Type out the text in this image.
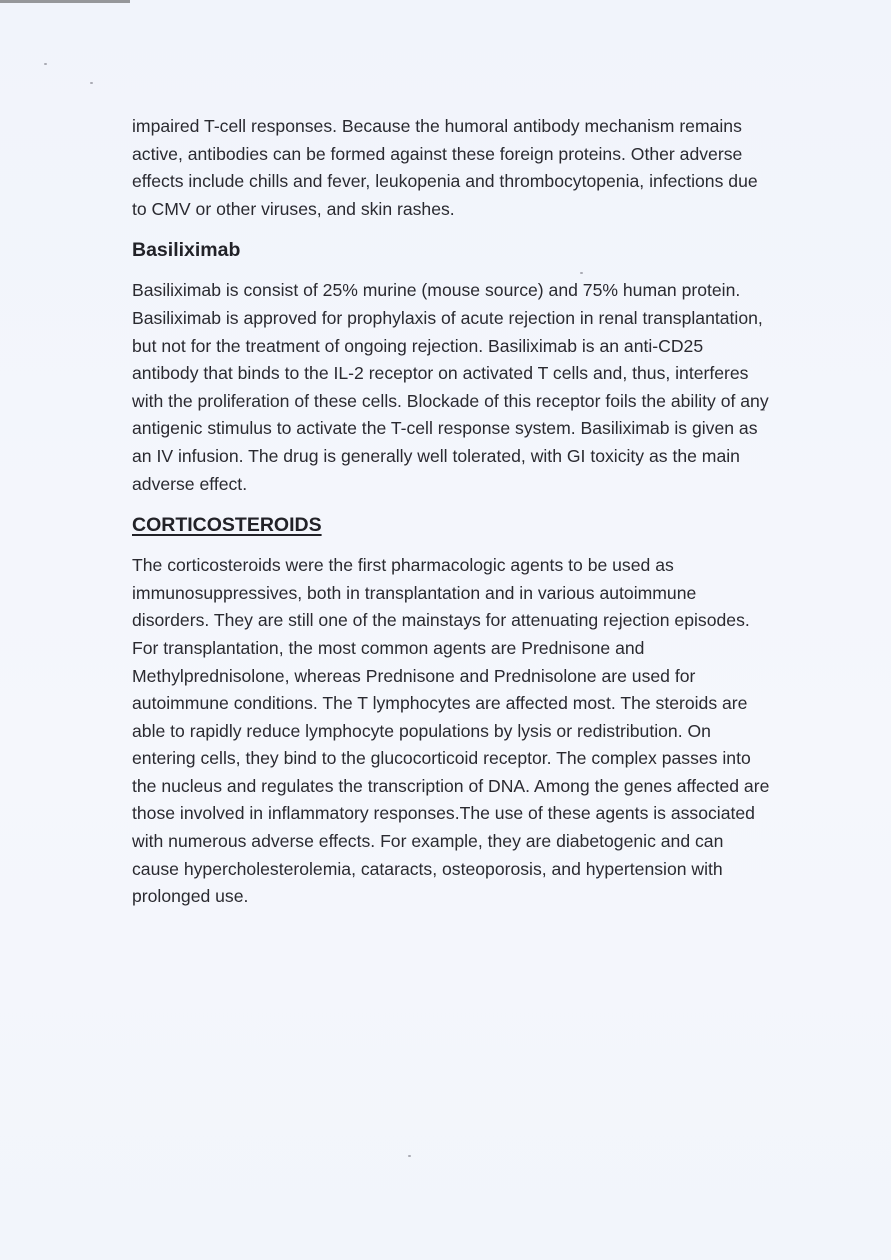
impaired T-cell responses. Because the humoral antibody mechanism remains active, antibodies can be formed against these foreign proteins. Other adverse effects include chills and fever, leukopenia and thrombocytopenia, infections due to CMV or other viruses, and skin rashes.

Basiliximab

Basiliximab is consist of 25% murine (mouse source) and 75% human protein. Basiliximab is approved for prophylaxis of acute rejection in renal transplantation, but not for the treatment of ongoing rejection. Basiliximab is an anti-CD25 antibody that binds to the IL-2 receptor on activated T cells and, thus, interferes with the proliferation of these cells. Blockade of this receptor foils the ability of any antigenic stimulus to activate the T-cell response system. Basiliximab is given as an IV infusion. The drug is generally well tolerated, with GI toxicity as the main adverse effect.

CORTICOSTEROIDS

The corticosteroids were the first pharmacologic agents to be used as immunosuppressives, both in transplantation and in various autoimmune disorders. They are still one of the mainstays for attenuating rejection episodes. For transplantation, the most common agents are Prednisone and Methylprednisolone, whereas Prednisone and Prednisolone are used for autoimmune conditions. The T lymphocytes are affected most. The steroids are able to rapidly reduce lymphocyte populations by lysis or redistribution. On entering cells, they bind to the glucocorticoid receptor. The complex passes into the nucleus and regulates the transcription of DNA. Among the genes affected are those involved in inflammatory responses.The use of these agents is associated with numerous adverse effects. For example, they are diabetogenic and can cause hypercholesterolemia, cataracts, osteoporosis, and hypertension with prolonged use.
